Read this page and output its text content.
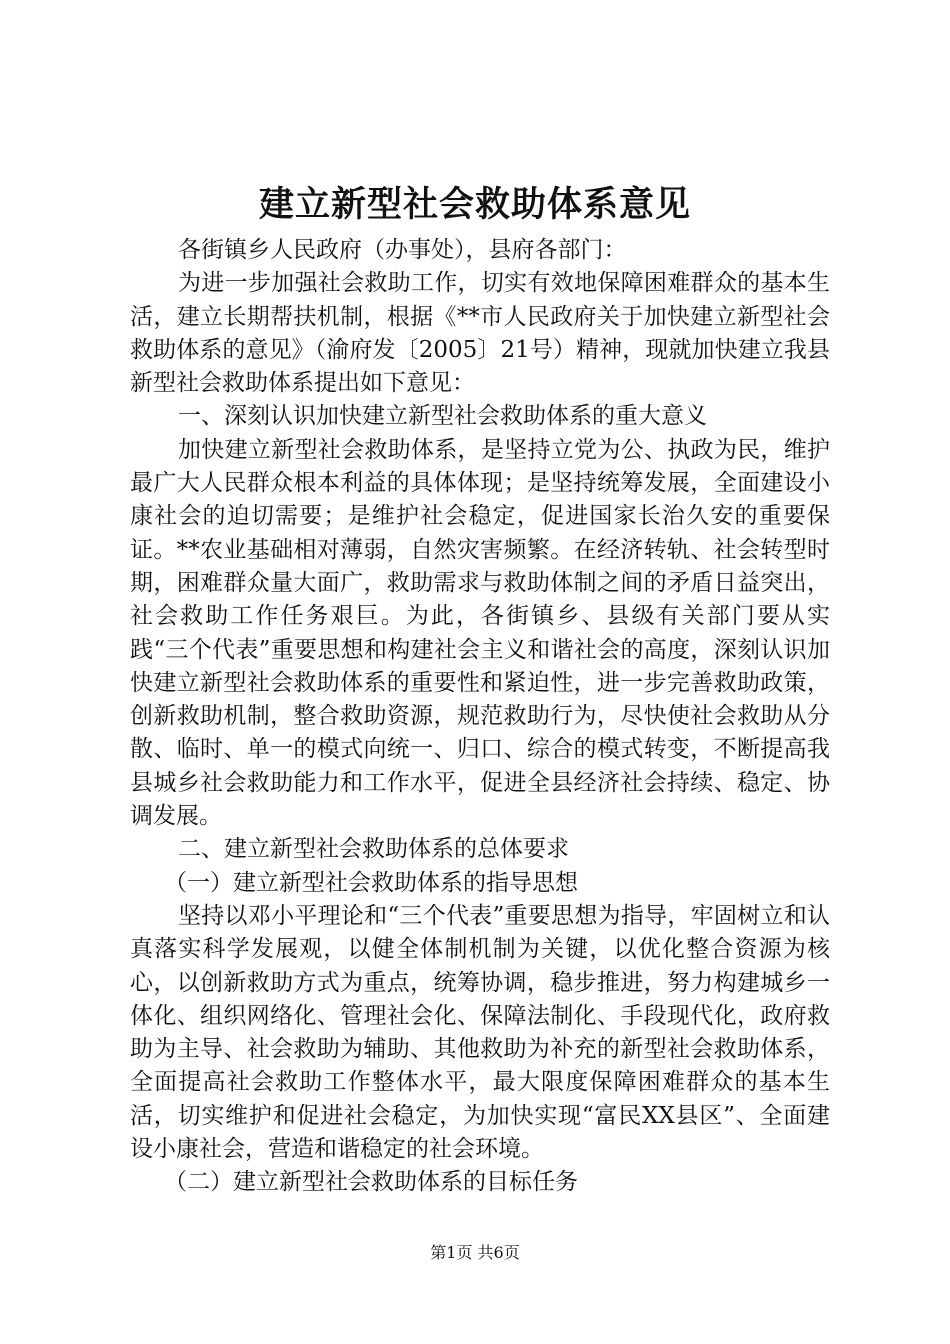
建立新型社会救助体系意见

各街镇乡人民政府（办事处），县府各部门：

为进一步加强社会救助工作，切实有效地保障困难群众的基本生活，建立长期帮扶机制，根据《**市人民政府关于加快建立新型社会救助体系的意见》（渝府发〔2005〕21号）精神，现就加快建立我县新型社会救助体系提出如下意见：

一、深刻认识加快建立新型社会救助体系的重大意义

加快建立新型社会救助体系，是坚持立党为公、执政为民，维护最广大人民群众根本利益的具体体现；是坚持统筹发展，全面建设小康社会的迫切需要；是维护社会稳定，促进国家长治久安的重要保证。**农业基础相对薄弱，自然灾害频繁。在经济转轨、社会转型时期，困难群众量大面广，救助需求与救助体制之间的矛盾日益突出，社会救助工作任务艰巨。为此，各街镇乡、县级有关部门要从实践“三个代表”重要思想和构建社会主义和谐社会的高度，深刻认识加快建立新型社会救助体系的重要性和紧迫性，进一步完善救助政策，创新救助机制，整合救助资源，规范救助行为，尽快使社会救助从分散、临时、单一的模式向统一、归口、综合的模式转变，不断提高我县城乡社会救助能力和工作水平，促进全县经济社会持续、稳定、协调发展。

二、建立新型社会救助体系的总体要求

（一）建立新型社会救助体系的指导思想

坚持以邓小平理论和“三个代表”重要思想为指导，牢固树立和认真落实科学发展观，以健全体制机制为关键，以优化整合资源为核心，以创新救助方式为重点，统筹协调，稳步推进，努力构建城乡一体化、组织网络化、管理社会化、保障法制化、手段现代化，政府救助为主导、社会救助为辅助、其他救助为补充的新型社会救助体系，全面提高社会救助工作整体水平，最大限度保障困难群众的基本生活，切实维护和促进社会稳定，为加快实现“富民XX县区”、全面建设小康社会，营造和谐稳定的社会环境。

（二）建立新型社会救助体系的目标任务

第1页 共6页
